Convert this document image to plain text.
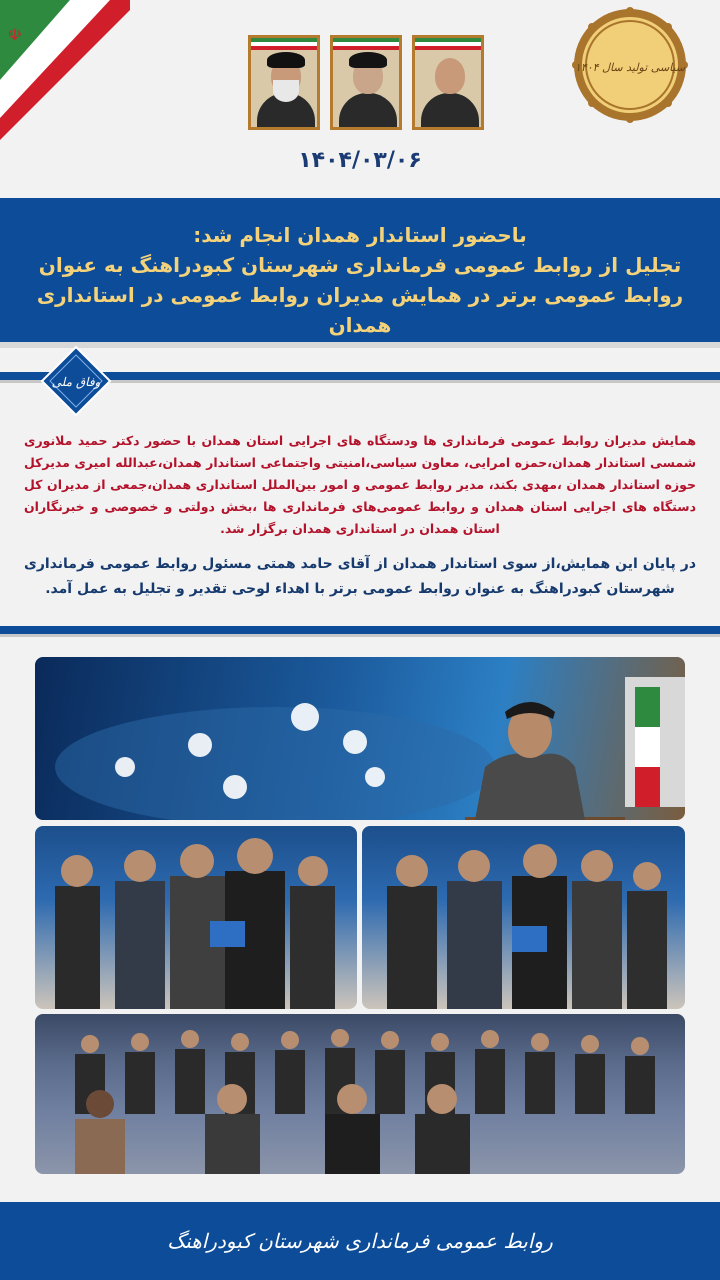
☫
سیاسی تولید سال ۱۴۰۴
۱۴۰۴/۰۳/۰۶
باحضور استاندار همدان انجام شد:
تجلیل از روابط عمومی فرمانداری شهرستان کبودراهنگ به عنوان روابط عمومی برتر در همایش مدیران روابط عمومی در استانداری همدان
وفاق ملی
همایش مدیران روابط عمومی فرمانداری ها ودستگاه های اجرایی استان همدان با حضور دکتر حمید ملانوری شمسی استاندار همدان،حمزه امرایی، معاون سیاسی،امنیتی واجتماعی استاندار همدان،عبدالله امیری مدیرکل حوزه استاندار همدان ،مهدی بکند، مدیر روابط عمومی و امور بین‌الملل استانداری همدان،جمعی از مدیران کل دستگاه های اجرایی استان همدان و روابط عمومی‌های فرمانداری ها ،بخش دولتی و خصوصی و خبرنگاران استان همدان در استانداری همدان برگزار شد.
در پایان این همایش،از سوی استاندار همدان از آقای حامد همتی مسئول روابط عمومی فرمانداری شهرستان کبودراهنگ به عنوان روابط عمومی برتر با اهداء لوحی تقدیر و تجلیل به عمل آمد.
روابط عمومی فرمانداری شهرستان کبودراهنگ
